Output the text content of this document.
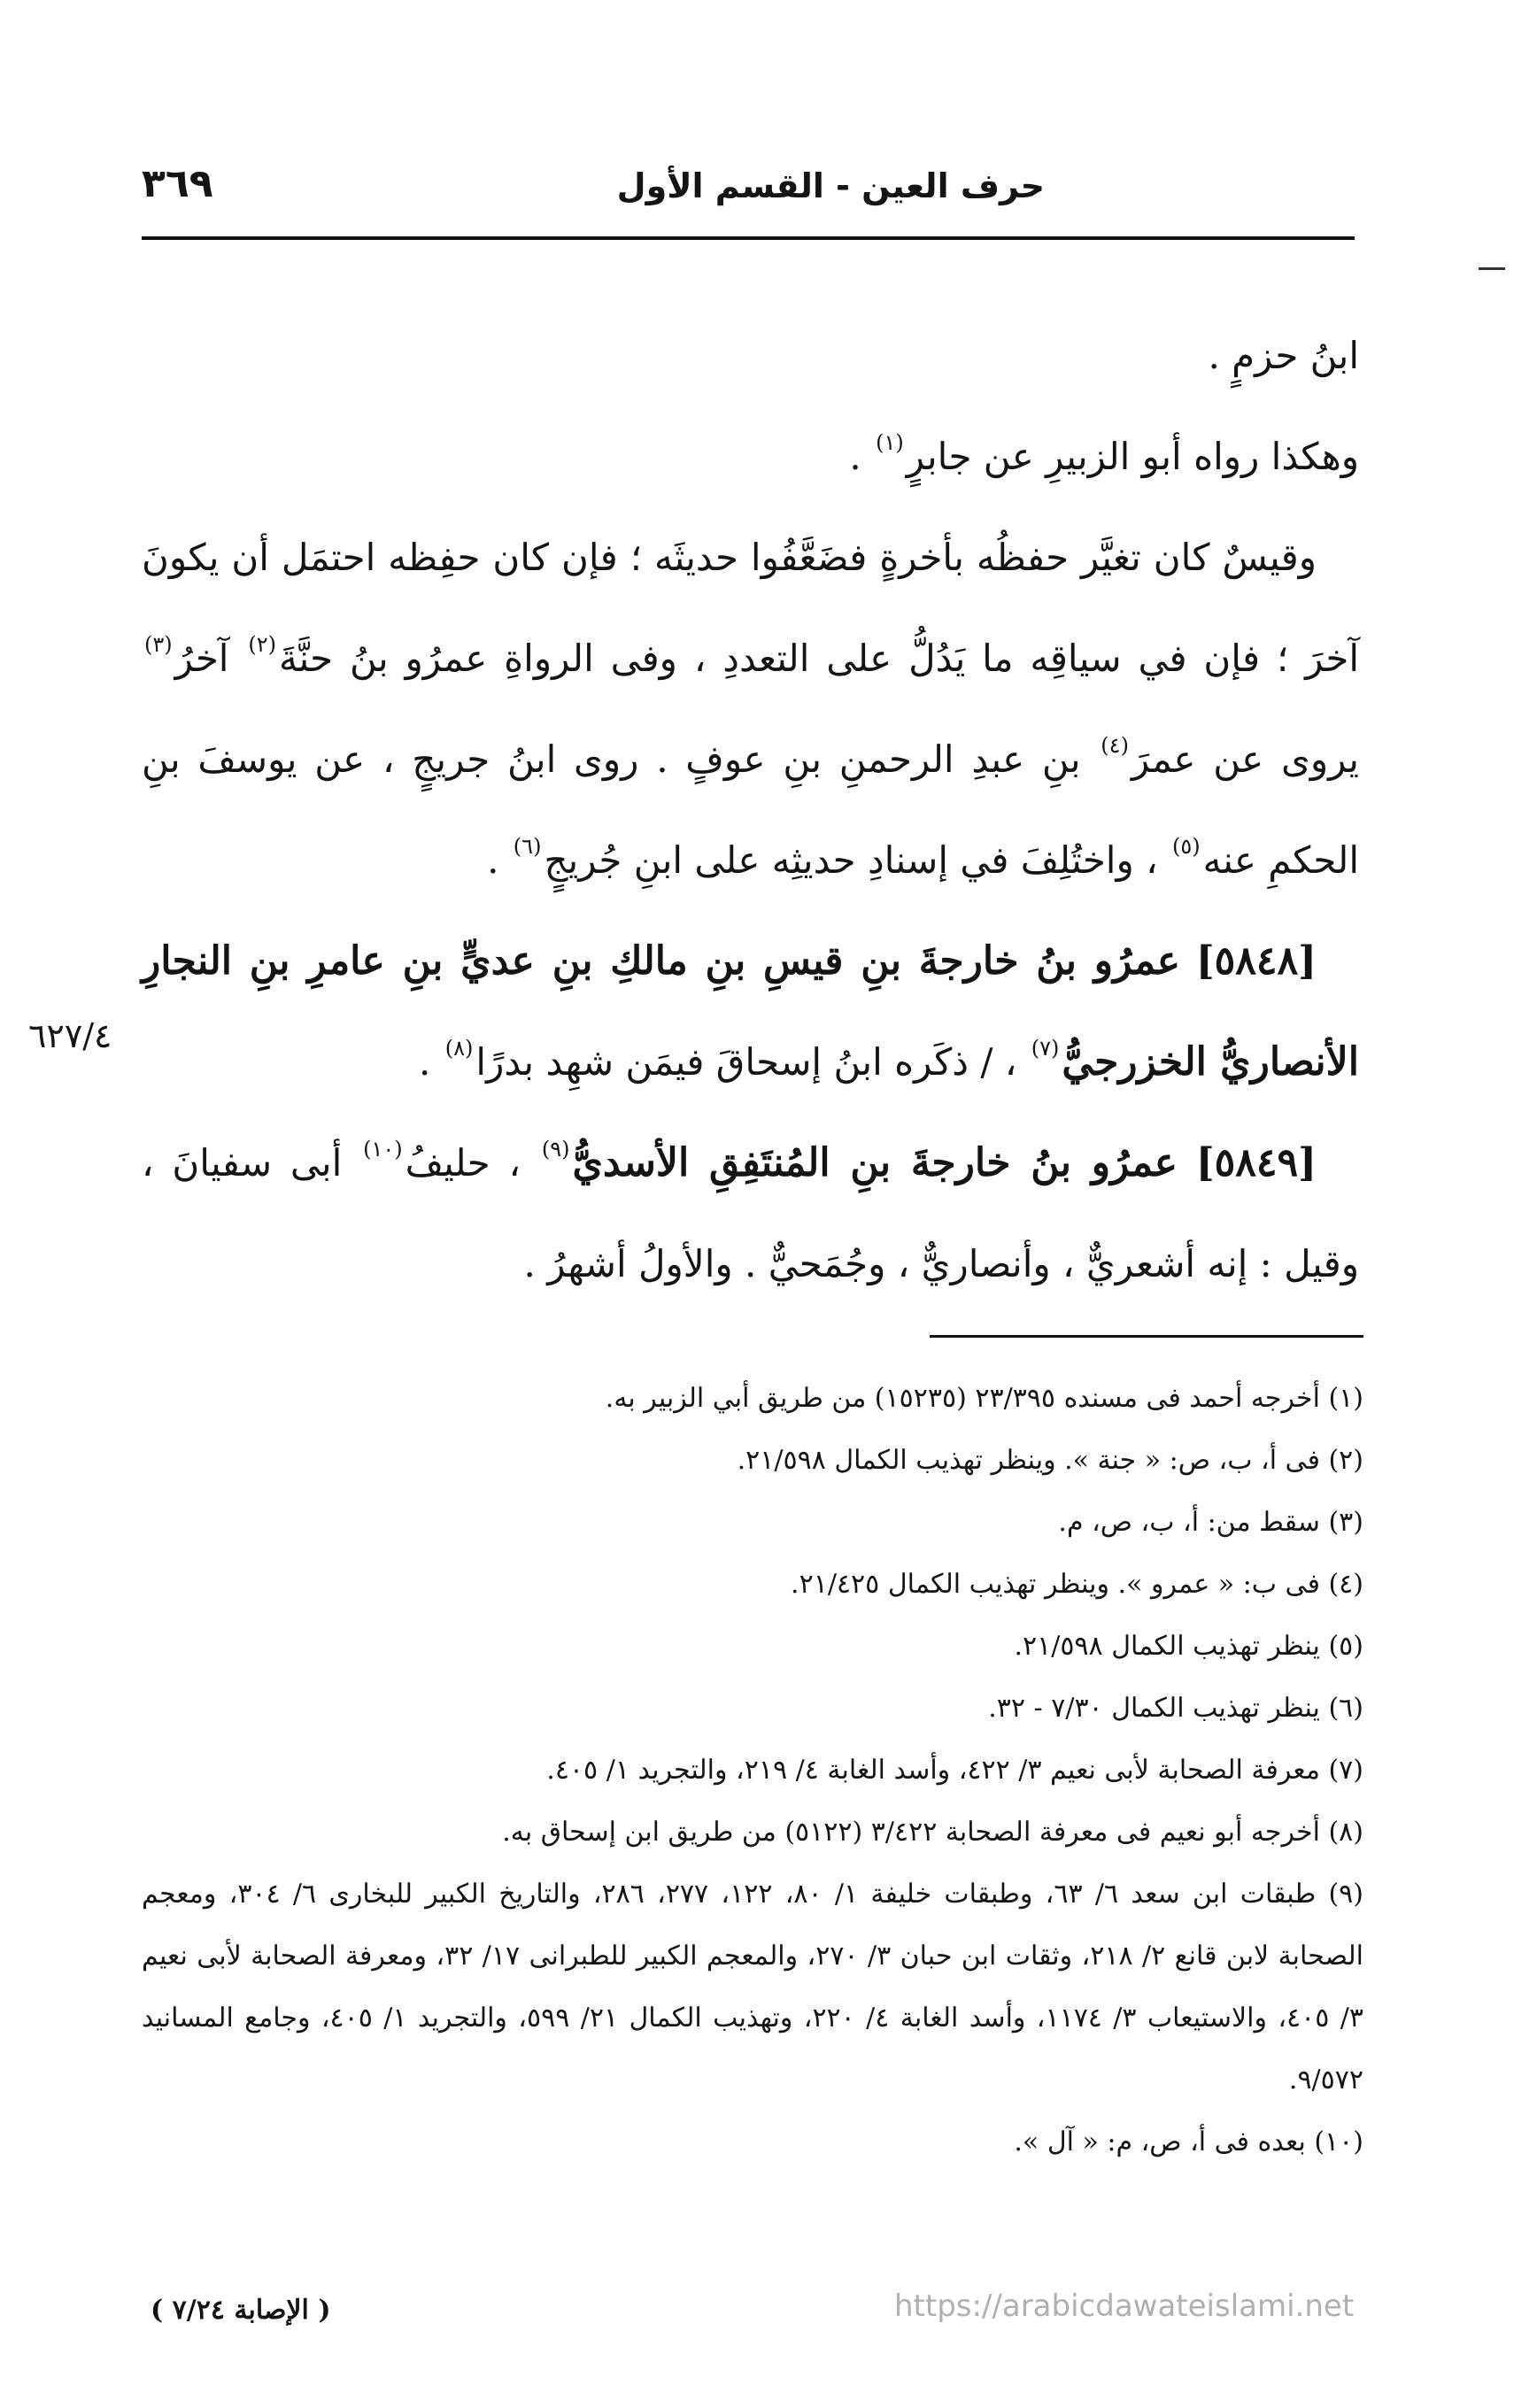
حرف العين - القسم الأول
٣٦٩

ابنُ حزمٍ .

وهكذا رواه أبو الزبيرِ عن جابرٍ$^{(١)}$ .

وقيسٌ كان تغيَّر حفظُه بأخرةٍ فضَعَّفُوا حديثَه ؛ فإن كان حفِظه احتمَل أن يكونَ آخرَ ؛ فإن في سياقِه ما يَدُلُّ على التعددِ ، وفى الرواةِ عمرُو بنُ حنَّةَ$^{(٢)}$ آخرُ$^{(٣)}$ يروى عن عمرَ$^{(٤)}$ بنِ عبدِ الرحمنِ بنِ عوفٍ . روى ابنُ جريجٍ ، عن يوسفَ بنِ الحكمِ عنه$^{(٥)}$ ، واختُلِفَ في إسنادِ حديثِه على ابنِ جُريجٍ$^{(٦)}$ .

[٥٨٤٨] عمرُو بنُ خارجةَ بنِ قيسِ بنِ مالكِ بنِ عديٍّ بنِ عامرِ بنِ النجارِ الأنصاريُّ الخزرجيُّ$^{(٧)}$ ، / ذكَره ابنُ إسحاقَ فيمَن شهِد بدرًا$^{(٨)}$ .

[٥٨٤٩] عمرُو بنُ خارجةَ بنِ المُنتَفِقِ الأسديُّ$^{(٩)}$ ، حليفُ$^{(١٠)}$ أبى سفيانَ ، وقيل : إنه أشعريٌّ ، وأنصاريٌّ ، وجُمَحيٌّ . والأولُ أشهرُ .

٦٢٧/٤

(١) أخرجه أحمد فى مسنده ٢٣/٣٩٥ (١٥٢٣٥) من طريق أبي الزبير به.

(٢) فى أ، ب، ص: « جنة ». وينظر تهذيب الكمال ٢١/٥٩٨.

(٣) سقط من: أ، ب، ص، م.

(٤) فى ب: « عمرو ». وينظر تهذيب الكمال ٢١/٤٢٥.

(٥) ينظر تهذيب الكمال ٢١/٥٩٨.

(٦) ينظر تهذيب الكمال ٧/٣٠ - ٣٢.

(٧) معرفة الصحابة لأبى نعيم ٣/ ٤٢٢، وأسد الغابة ٤/ ٢١٩، والتجريد ١/ ٤٠٥.

(٨) أخرجه أبو نعيم فى معرفة الصحابة ٣/٤٢٢ (٥١٢٢) من طريق ابن إسحاق به.

(٩) طبقات ابن سعد ٦/ ٦٣، وطبقات خليفة ١/ ٨٠، ١٢٢، ٢٧٧، ٢٨٦، والتاريخ الكبير للبخارى ٦/ ٣٠٤، ومعجم الصحابة لابن قانع ٢/ ٢١٨، وثقات ابن حبان ٣/ ٢٧٠، والمعجم الكبير للطبرانى ١٧/ ٣٢، ومعرفة الصحابة لأبى نعيم ٣/ ٤٠٥، والاستيعاب ٣/ ١١٧٤، وأسد الغابة ٤/ ٢٢٠، وتهذيب الكمال ٢١/ ٥٩٩، والتجريد ١/ ٤٠٥، وجامع المسانيد ٩/٥٧٢.

(١٠) بعده فى أ، ص، م: « آل ».

( الإصابة ٧/٢٤ )	https://arabicdawateislami.net
